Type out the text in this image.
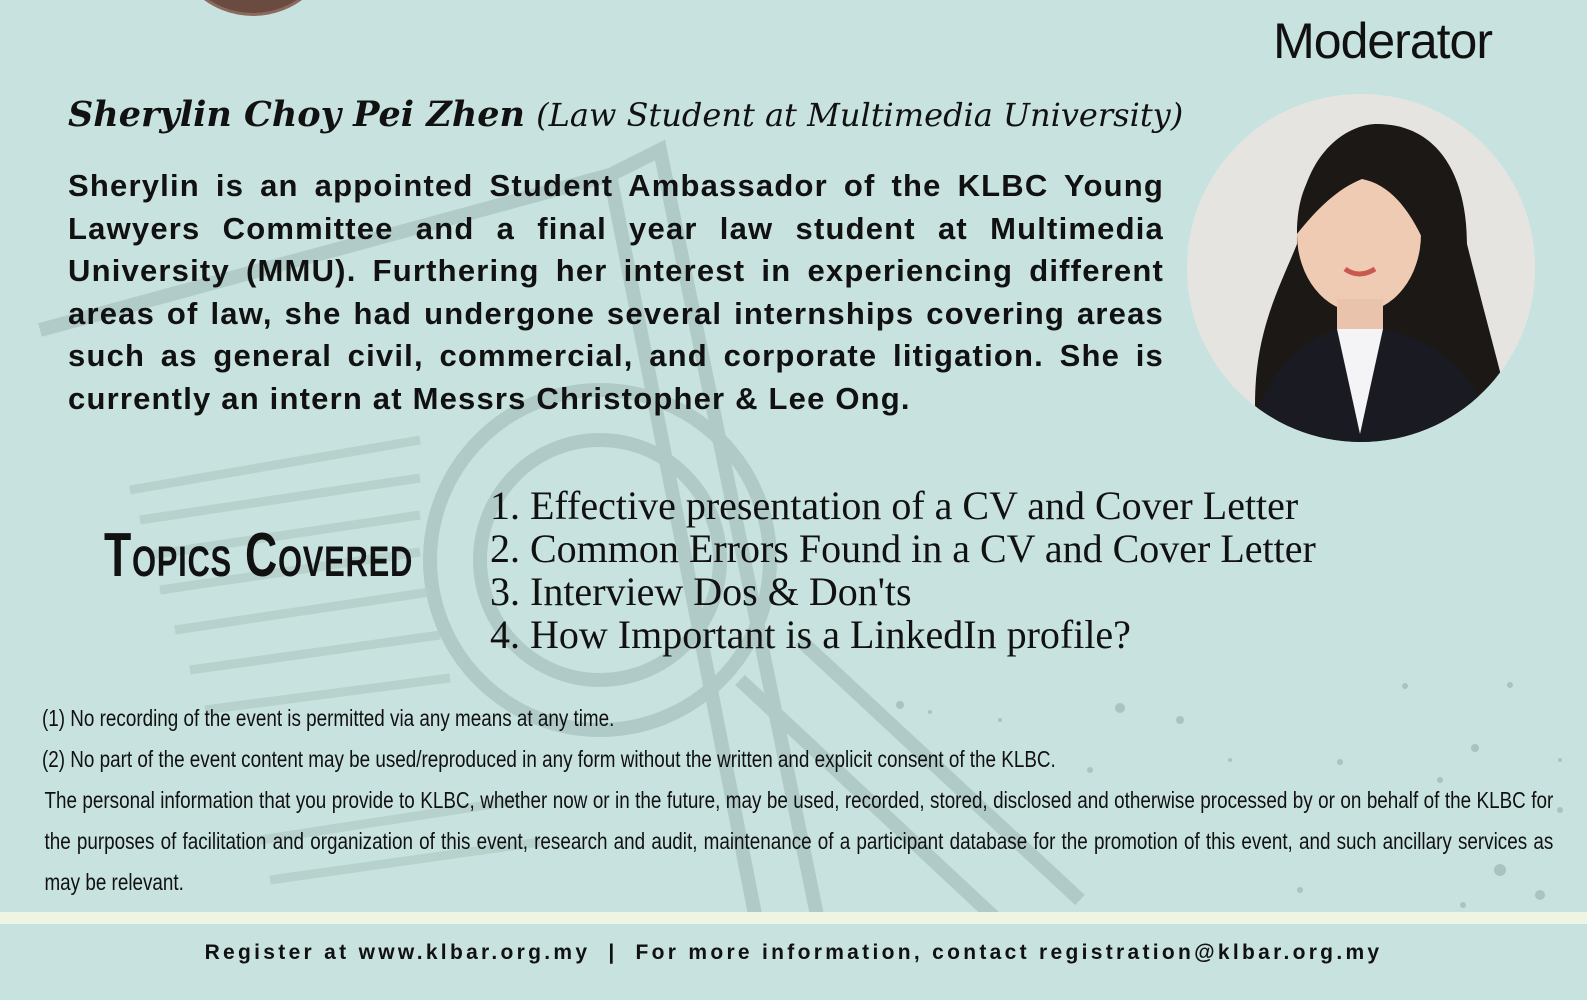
Moderator
Sherylin Choy Pei Zhen (Law Student at Multimedia University)
Sherylin is an appointed Student Ambassador of the KLBC Young Lawyers Committee and a final year law student at Multimedia University (MMU). Furthering her interest in experiencing different areas of law, she had undergone several internships covering areas such as general civil, commercial, and corporate litigation. She is currently an intern at Messrs Christopher & Lee Ong.
Topics Covered
1. Effective presentation of a CV and Cover Letter
2. Common Errors Found in a CV and Cover Letter
3. Interview Dos & Don'ts
4. How Important is a LinkedIn profile?

(1) No recording of the event is permitted via any means at any time.

(2) No part of the event content may be used/reproduced in any form without the written and explicit consent of the KLBC.

The personal information that you provide to KLBC, whether now or in the future, may be used, recorded, stored, disclosed and otherwise processed by or on behalf of the KLBC for the purposes of facilitation and organization of this event, research and audit, maintenance of a participant database for the promotion of this event, and such ancillary services as may be relevant.

Register at www.klbar.org.my | For more information, contact registration@klbar.org.my
